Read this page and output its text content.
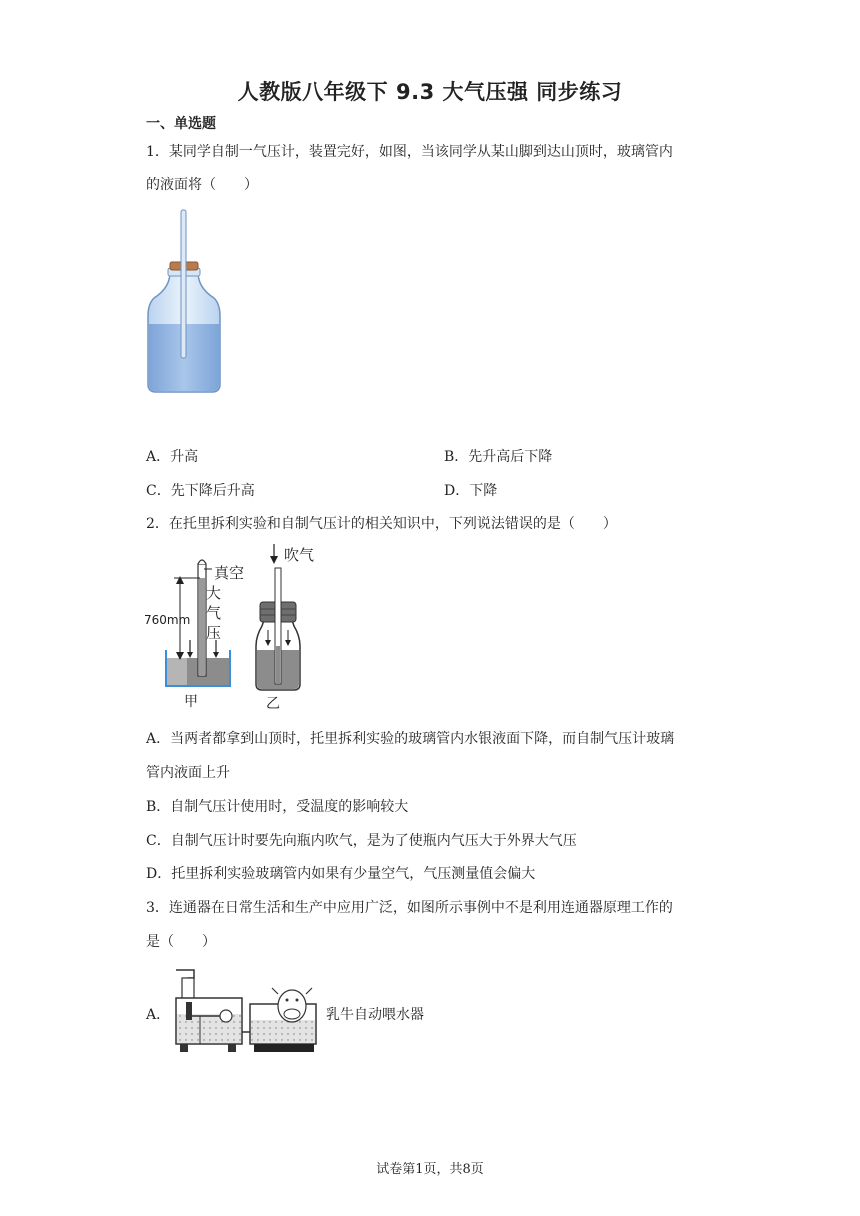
人教版八年级下 9.3 大气压强 同步练习
一、单选题
1．某同学自制一气压计，装置完好，如图，当该同学从某山脚到达山顶时，玻璃管内
的液面将（　　）
A．升高	B．先升高后下降
C．先下降后升高	D．下降
2．在托里拆利实验和自制气压计的相关知识中，下列说法错误的是（　　）
真空
大
气
压
760mm
甲
吹气
乙
A．当两者都拿到山顶时，托里拆利实验的玻璃管内水银液面下降，而自制气压计玻璃
管内液面上升
B．自制气压计使用时，受温度的影响较大
C．自制气压计时要先向瓶内吹气，是为了使瓶内气压大于外界大气压
D．托里拆利实验玻璃管内如果有少量空气，气压测量值会偏大
3．连通器在日常生活和生产中应用广泛，如图所示事例中不是利用连通器原理工作的
是（　　）
A．	乳牛自动喂水器
试卷第1页，共8页
